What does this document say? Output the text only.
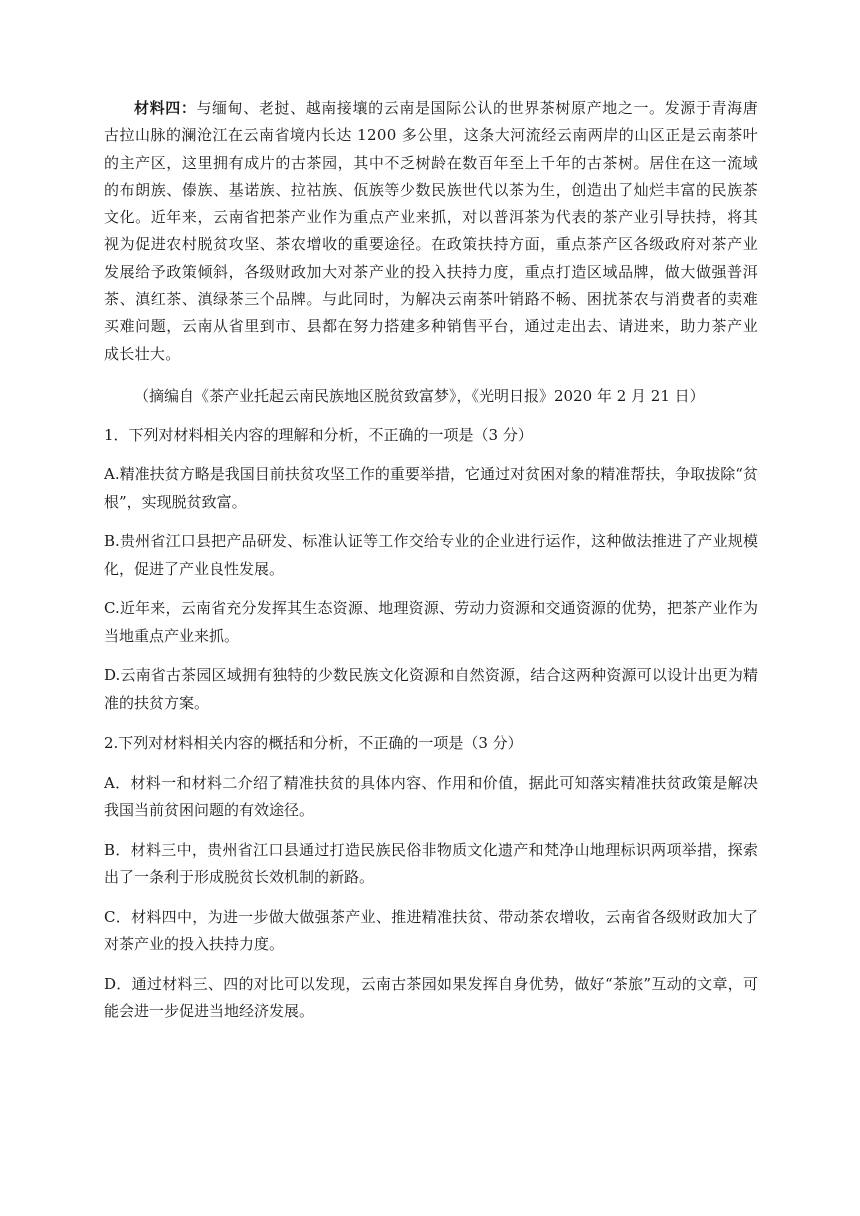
材料四：与缅甸、老挝、越南接壤的云南是国际公认的世界茶树原产地之一。发源于青海唐古拉山脉的澜沧江在云南省境内长达 1200 多公里，这条大河流经云南两岸的山区正是云南茶叶的主产区，这里拥有成片的古茶园，其中不乏树龄在数百年至上千年的古茶树。居住在这一流域的布朗族、傣族、基诺族、拉祜族、佤族等少数民族世代以茶为生，创造出了灿烂丰富的民族茶文化。近年来，云南省把茶产业作为重点产业来抓，对以普洱茶为代表的茶产业引导扶持，将其视为促进农村脱贫攻坚、茶农增收的重要途径。在政策扶持方面，重点茶产区各级政府对茶产业发展给予政策倾斜，各级财政加大对茶产业的投入扶持力度，重点打造区域品牌，做大做强普洱茶、滇红茶、滇绿茶三个品牌。与此同时，为解决云南茶叶销路不畅、困扰茶农与消费者的卖难买难问题，云南从省里到市、县都在努力搭建多种销售平台，通过走出去、请进来，助力茶产业成长壮大。

（摘编自《茶产业托起云南民族地区脱贫致富梦》，《光明日报》2020 年 2 月 21 日）

1．下列对材料相关内容的理解和分析，不正确的一项是（3 分）

A.精准扶贫方略是我国目前扶贫攻坚工作的重要举措，它通过对贫困对象的精准帮扶，争取拔除“贫根”，实现脱贫致富。

B.贵州省江口县把产品研发、标准认证等工作交给专业的企业进行运作，这种做法推进了产业规模化，促进了产业良性发展。

C.近年来，云南省充分发挥其生态资源、地理资源、劳动力资源和交通资源的优势，把茶产业作为当地重点产业来抓。

D.云南省古茶园区域拥有独特的少数民族文化资源和自然资源，结合这两种资源可以设计出更为精准的扶贫方案。

2.下列对材料相关内容的概括和分析，不正确的一项是（3 分）

A．材料一和材料二介绍了精准扶贫的具体内容、作用和价值，据此可知落实精准扶贫政策是解决我国当前贫困问题的有效途径。

B．材料三中，贵州省江口县通过打造民族民俗非物质文化遗产和梵净山地理标识两项举措，探索出了一条利于形成脱贫长效机制的新路。

C．材料四中，为进一步做大做强茶产业、推进精准扶贫、带动茶农增收，云南省各级财政加大了对茶产业的投入扶持力度。

D．通过材料三、四的对比可以发现，云南古茶园如果发挥自身优势，做好“茶旅”互动的文章，可能会进一步促进当地经济发展。
